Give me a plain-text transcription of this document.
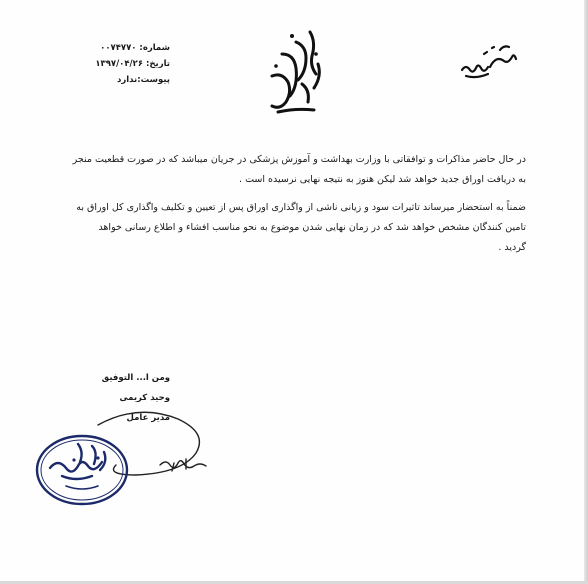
شماره: ۰۰۷۴۷۷۰
تاریخ: ۱۳۹۷/۰۴/۲۶
پیوست:ندارد

در حال حاضر مذاکرات و توافقاتی با وزارت بهداشت و آموزش پزشکی در جریان میباشد که در صورت قطعیت منجر

به دریافت اوراق جدید خواهد شد لیکن هنوز به نتیجه نهایی نرسیده است .

ضمناً به استحضار میرساند تاثیرات سود و زیانی ناشی از واگذاری اوراق پس از تعیین و تکلیف واگذاری کل اوراق به

تامین کنندگان مشخص خواهد شد که در زمان نهایی شدن موضوع به نحو مناسب افشاء و اطلاع رسانی خواهد

گردید .

ومن ا... التوفیق
وحید کریمی
مدیر عامل
